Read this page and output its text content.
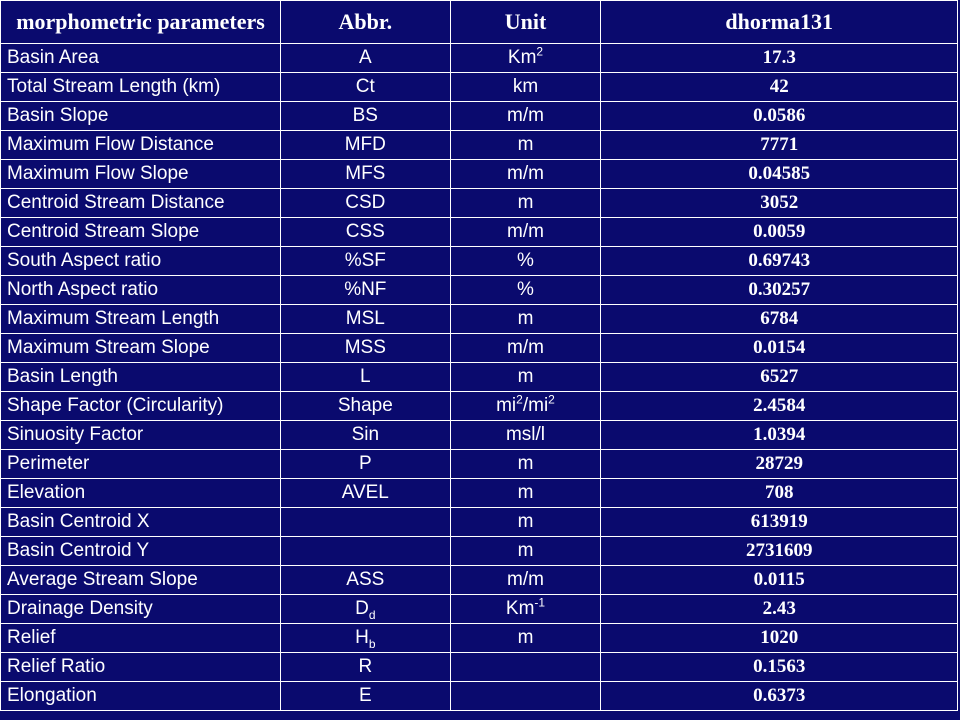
morphometric parameters	Abbr.	Unit	dhorma131
Basin Area	A	Km$^2$	17.3
Total Stream Length (km)	Ct	km	42
Basin Slope	BS	m/m	0.0586
Maximum Flow Distance	MFD	m	7771
Maximum Flow Slope	MFS	m/m	0.04585
Centroid Stream Distance	CSD	m	3052
Centroid Stream Slope	CSS	m/m	0.0059
South Aspect ratio	%SF	%	0.69743
North Aspect ratio	%NF	%	0.30257
Maximum Stream Length	MSL	m	6784
Maximum Stream Slope	MSS	m/m	0.0154
Basin Length	L	m	6527
Shape Factor (Circularity)	Shape	$mi^2/mi^2$	2.4584
Sinuosity Factor	Sin	msl/l	1.0394
Perimeter	P	m	28729
Elevation	AVEL	m	708
Basin Centroid X		m	613919
Basin Centroid Y		m	2731609
Average Stream Slope	ASS	m/m	0.0115
Drainage Density	$D_d$	$Km^{-1}$	2.43
Relief	$H_b$	m	1020
Relief Ratio	R		0.1563
Elongation	E		0.6373
